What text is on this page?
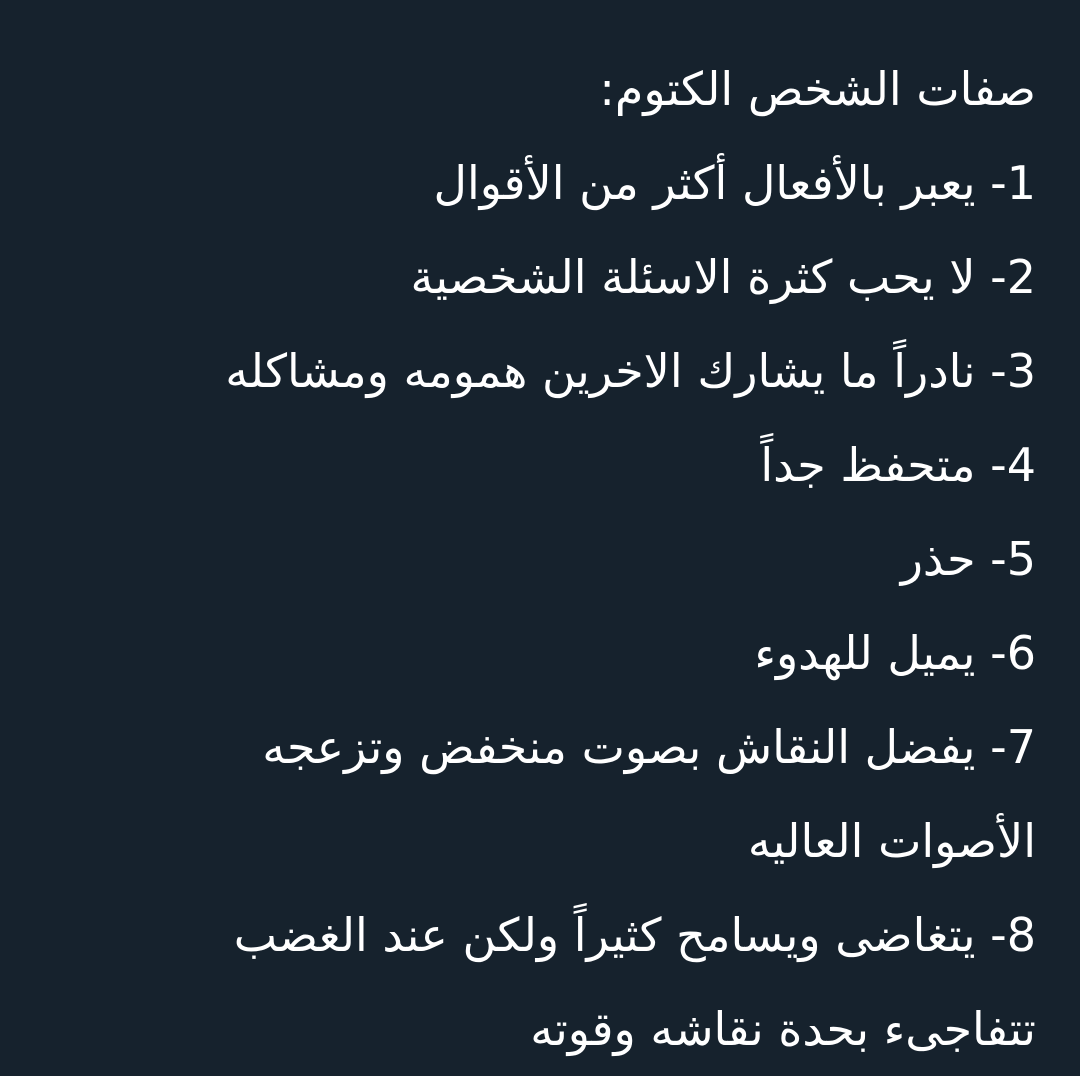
صفات الشخص الكتوم:
1- يعبر بالأفعال أكثر من الأقوال
2- لا يحب كثرة الاسئلة الشخصية
3- نادراً ما يشارك الاخرين همومه ومشاكله
4- متحفظ جداً
5- حذر
6- يميل للهدوء
7- يفضل النقاش بصوت منخفض وتزعجه
الأصوات العاليه
8- يتغاضى ويسامح كثيراً ولكن عند الغضب
تتفاجىء بحدة نقاشه وقوته
